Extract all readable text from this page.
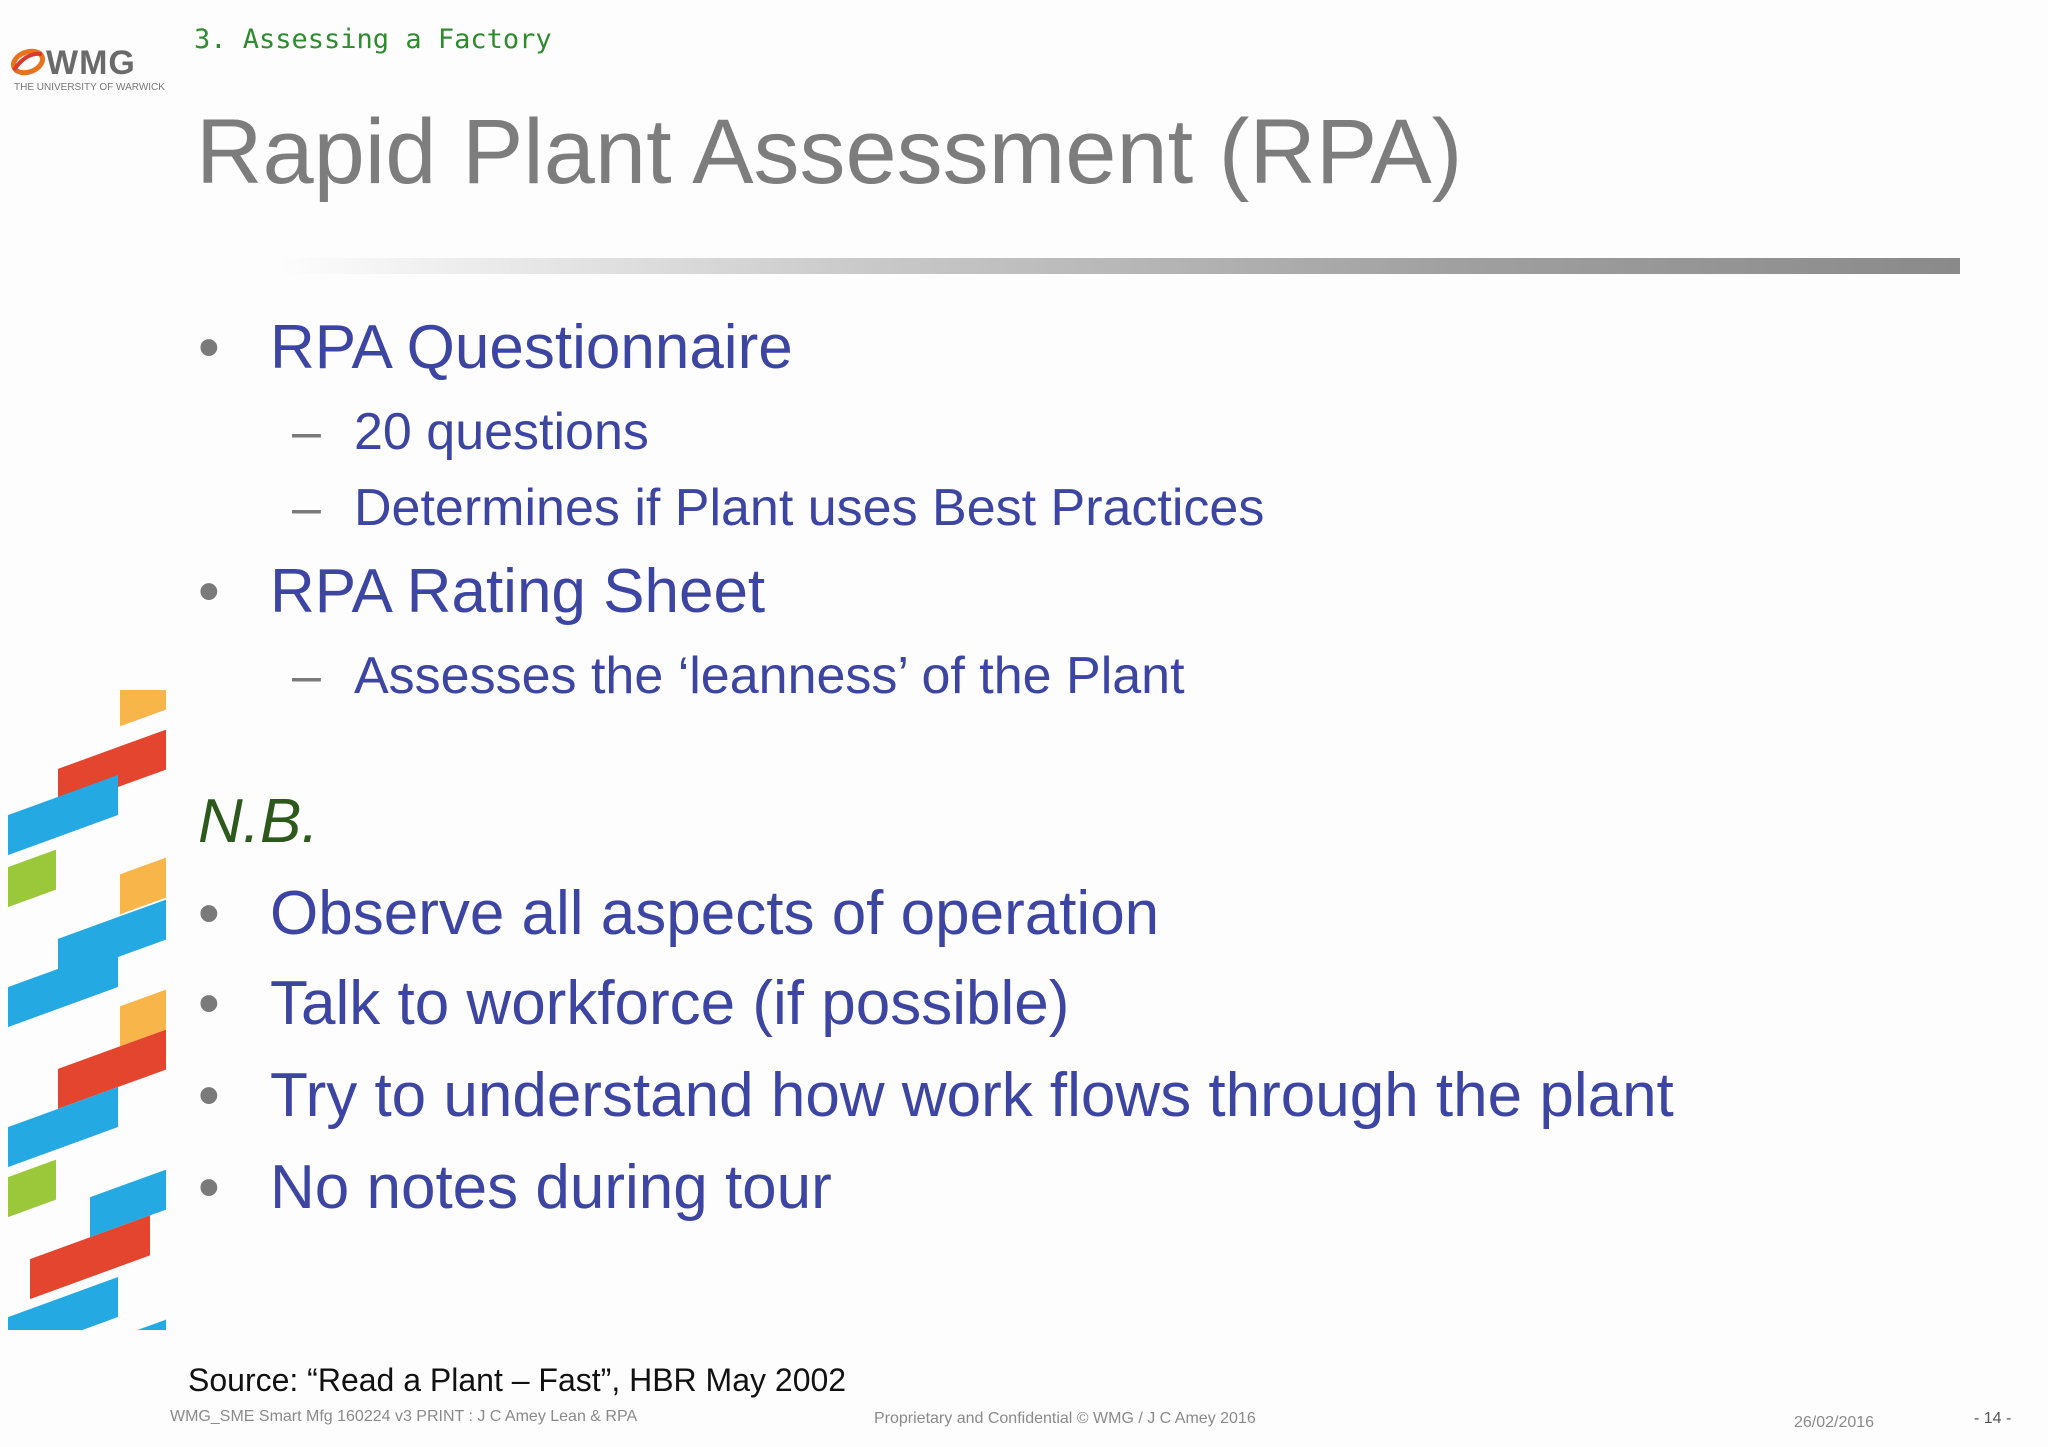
WMG
THE UNIVERSITY OF WARWICK
3. Assessing a Factory
Rapid Plant Assessment (RPA)
• RPA Questionnaire
– 20 questions
– Determines if Plant uses Best Practices
• RPA Rating Sheet
– Assesses the ‘leanness’ of the Plant
N.B.
• Observe all aspects of operation
• Talk to workforce (if possible)
• Try to understand how work flows through the plant
• No notes during tour
Source: “Read a Plant – Fast”, HBR May 2002
WMG_SME Smart Mfg 160224 v3 PRINT : J C Amey Lean & RPA	Proprietary and Confidential © WMG / J C Amey 2016	26/02/2016	- 14 -
